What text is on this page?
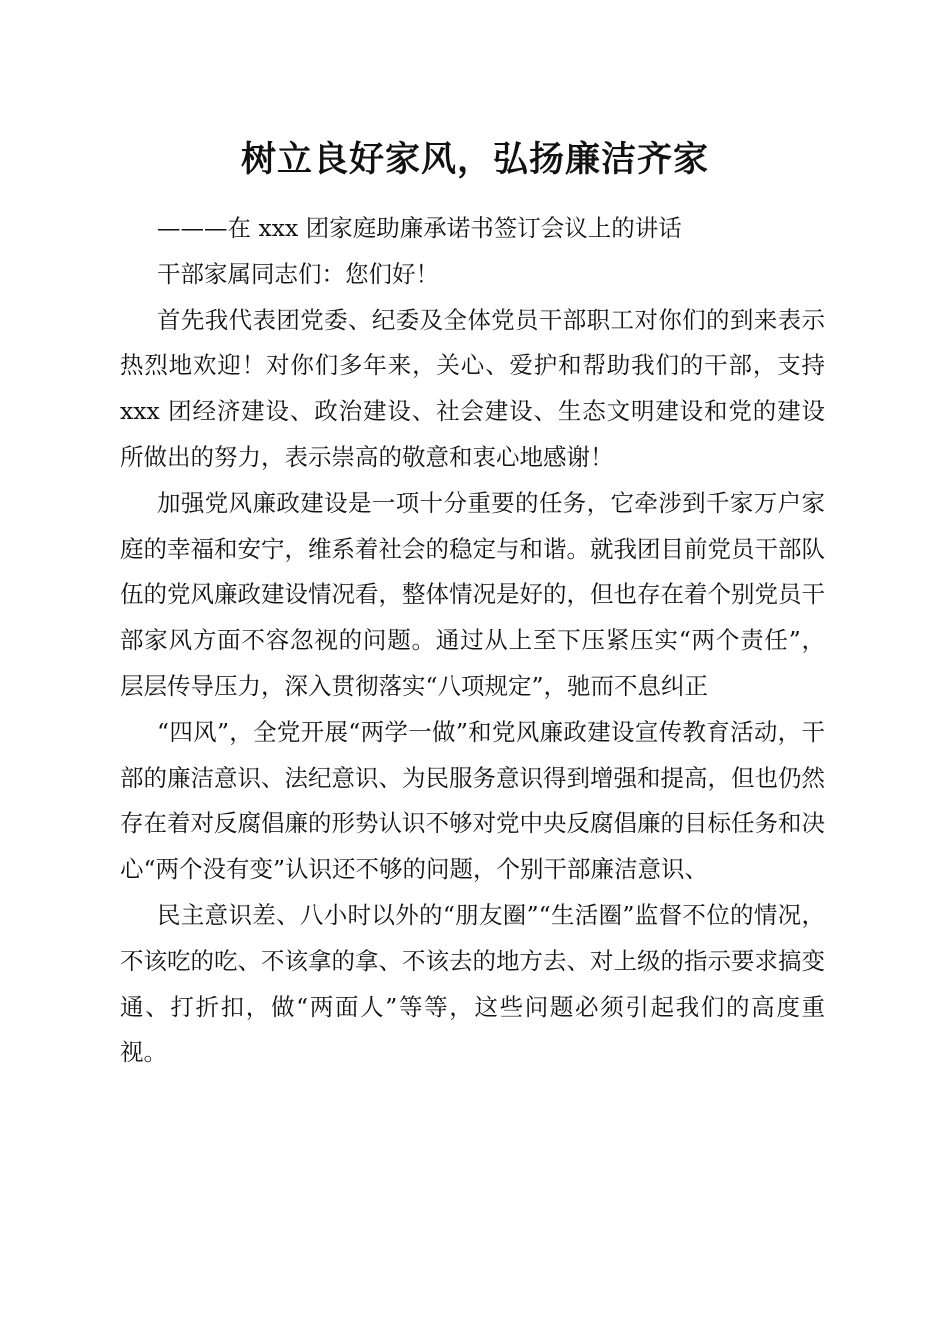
树立良好家风，弘扬廉洁齐家

———在 xxx 团家庭助廉承诺书签订会议上的讲话

干部家属同志们：您们好！

首先我代表团党委、纪委及全体党员干部职工对你们的到来表示热烈地欢迎！对你们多年来，关心、爱护和帮助我们的干部，支持 xxx 团经济建设、政治建设、社会建设、生态文明建设和党的建设所做出的努力，表示崇高的敬意和衷心地感谢！

加强党风廉政建设是一项十分重要的任务，它牵涉到千家万户家庭的幸福和安宁，维系着社会的稳定与和谐。就我团目前党员干部队伍的党风廉政建设情况看，整体情况是好的，但也存在着个别党员干部家风方面不容忽视的问题。通过从上至下压紧压实“两个责任”，层层传导压力，深入贯彻落实“八项规定”，驰而不息纠正

“四风”，全党开展“两学一做”和党风廉政建设宣传教育活动，干部的廉洁意识、法纪意识、为民服务意识得到增强和提高，但也仍然存在着对反腐倡廉的形势认识不够对党中央反腐倡廉的目标任务和决心“两个没有变”认识还不够的问题，个别干部廉洁意识、

民主意识差、八小时以外的“朋友圈”“生活圈”监督不位的情况，不该吃的吃、不该拿的拿、不该去的地方去、对上级的指示要求搞变通、打折扣，做“两面人”等等，这些问题必须引起我们的高度重视。
